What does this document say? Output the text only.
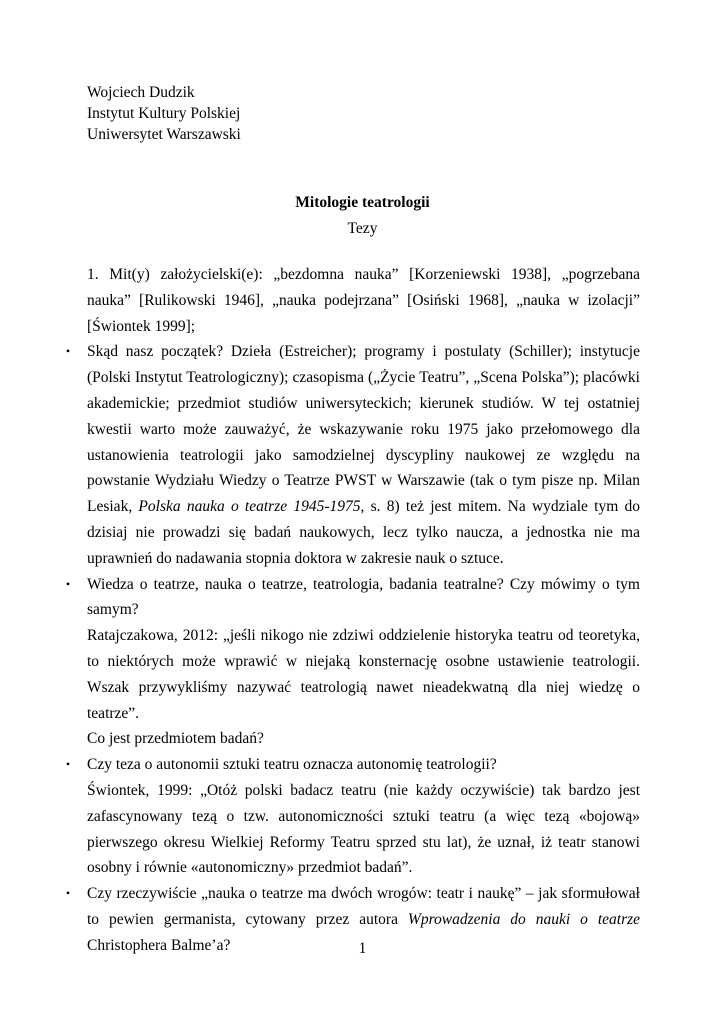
Wojciech Dudzik
Instytut Kultury Polskiej
Uniwersytet Warszawski
Mitologie teatrologii
Tezy

1. Mit(y) założycielski(e): „bezdomna nauka” [Korzeniewski 1938], „pogrzebana nauka” [Rulikowski 1946], „nauka podejrzana” [Osiński 1968], „nauka w izolacji” [Świontek 1999];

• Skąd nasz początek? Dzieła (Estreicher); programy i postulaty (Schiller); instytucje (Polski Instytut Teatrologiczny); czasopisma („Życie Teatru”, „Scena Polska”); placówki akademickie; przedmiot studiów uniwersyteckich; kierunek studiów. W tej ostatniej kwestii warto może zauważyć, że wskazywanie roku 1975 jako przełomowego dla ustanowienia teatrologii jako samodzielnej dyscypliny naukowej ze względu na powstanie Wydziału Wiedzy o Teatrze PWST w Warszawie (tak o tym pisze np. Milan Lesiak, Polska nauka o teatrze 1945-1975, s. 8) też jest mitem. Na wydziale tym do dzisiaj nie prowadzi się badań naukowych, lecz tylko naucza, a jednostka nie ma uprawnień do nadawania stopnia doktora w zakresie nauk o sztuce.

• Wiedza o teatrze, nauka o teatrze, teatrologia, badania teatralne? Czy mówimy o tym samym?

Ratajczakowa, 2012: „jeśli nikogo nie zdziwi oddzielenie historyka teatru od teoretyka, to niektórych może wprawić w niejaką konsternację osobne ustawienie teatrologii. Wszak przywykliśmy nazywać teatrologią nawet nieadekwatną dla niej wiedzę o teatrze”.

Co jest przedmiotem badań?

• Czy teza o autonomii sztuki teatru oznacza autonomię teatrologii?

Świontek, 1999: „Otóż polski badacz teatru (nie każdy oczywiście) tak bardzo jest zafascynowany tezą o tzw. autonomiczności sztuki teatru (a więc tezą «bojową» pierwszego okresu Wielkiej Reformy Teatru sprzed stu lat), że uznał, iż teatr stanowi osobny i równie «autonomiczny» przedmiot badań”.

• Czy rzeczywiście „nauka o teatrze ma dwóch wrogów: teatr i naukę” – jak sformułował to pewien germanista, cytowany przez autora Wprowadzenia do nauki o teatrze Christophera Balme’a?	1
